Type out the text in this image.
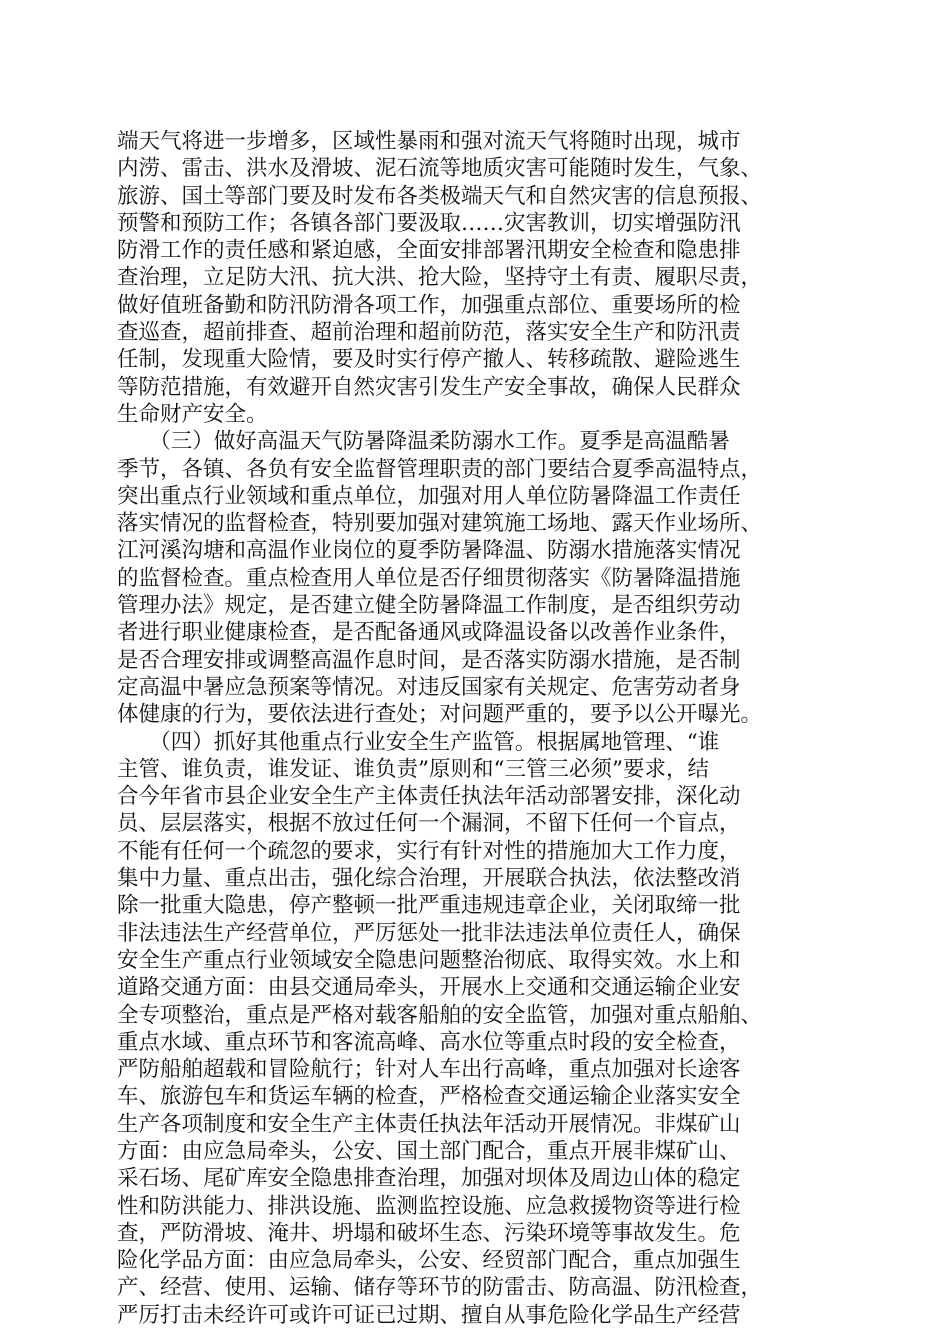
端天气将进一步增多，区域性暴雨和强对流天气将随时出现，城市
内涝、雷击、洪水及滑坡、泥石流等地质灾害可能随时发生，气象、
旅游、国土等部门要及时发布各类极端天气和自然灾害的信息预报、
预警和预防工作；各镇各部门要汲取……灾害教训，切实增强防汛
防滑工作的责任感和紧迫感，全面安排部署汛期安全检查和隐患排
查治理，立足防大汛、抗大洪、抢大险，坚持守土有责、履职尽责，
做好值班备勤和防汛防滑各项工作，加强重点部位、重要场所的检
查巡查，超前排查、超前治理和超前防范，落实安全生产和防汛责
任制，发现重大险情，要及时实行停产撤人、转移疏散、避险逃生
等防范措施，有效避开自然灾害引发生产安全事故，确保人民群众
生命财产安全。
　　（三）做好高温天气防暑降温柔防溺水工作。夏季是高温酷暑
季节，各镇、各负有安全监督管理职责的部门要结合夏季高温特点，
突出重点行业领域和重点单位，加强对用人单位防暑降温工作责任
落实情况的监督检查，特别要加强对建筑施工场地、露天作业场所、
江河溪沟塘和高温作业岗位的夏季防暑降温、防溺水措施落实情况
的监督检查。重点检查用人单位是否仔细贯彻落实《防暑降温措施
管理办法》规定，是否建立健全防暑降温工作制度，是否组织劳动
者进行职业健康检查，是否配备通风或降温设备以改善作业条件，
是否合理安排或调整高温作息时间，是否落实防溺水措施，是否制
定高温中暑应急预案等情况。对违反国家有关规定、危害劳动者身
体健康的行为，要依法进行查处；对问题严重的，要予以公开曝光。
　　（四）抓好其他重点行业安全生产监管。根据属地管理、“谁
主管、谁负责，谁发证、谁负责”原则和“三管三必须”要求，结
合今年省市县企业安全生产主体责任执法年活动部署安排，深化动
员、层层落实，根据不放过任何一个漏洞，不留下任何一个盲点，
不能有任何一个疏忽的要求，实行有针对性的措施加大工作力度，
集中力量、重点出击，强化综合治理，开展联合执法，依法整改消
除一批重大隐患，停产整顿一批严重违规违章企业，关闭取缔一批
非法违法生产经营单位，严厉惩处一批非法违法单位责任人，确保
安全生产重点行业领域安全隐患问题整治彻底、取得实效。水上和
道路交通方面：由县交通局牵头，开展水上交通和交通运输企业安
全专项整治，重点是严格对载客船舶的安全监管，加强对重点船舶、
重点水域、重点环节和客流高峰、高水位等重点时段的安全检查，
严防船舶超载和冒险航行；针对人车出行高峰，重点加强对长途客
车、旅游包车和货运车辆的检查，严格检查交通运输企业落实安全
生产各项制度和安全生产主体责任执法年活动开展情况。非煤矿山
方面：由应急局牵头，公安、国土部门配合，重点开展非煤矿山、
采石场、尾矿库安全隐患排查治理，加强对坝体及周边山体的稳定
性和防洪能力、排洪设施、监测监控设施、应急救援物资等进行检
查，严防滑坡、淹井、坍塌和破坏生态、污染环境等事故发生。危
险化学品方面：由应急局牵头，公安、经贸部门配合，重点加强生
产、经营、使用、运输、储存等环节的防雷击、防高温、防汛检查，
严厉打击未经许可或许可证已过期、擅自从事危险化学品生产经营
